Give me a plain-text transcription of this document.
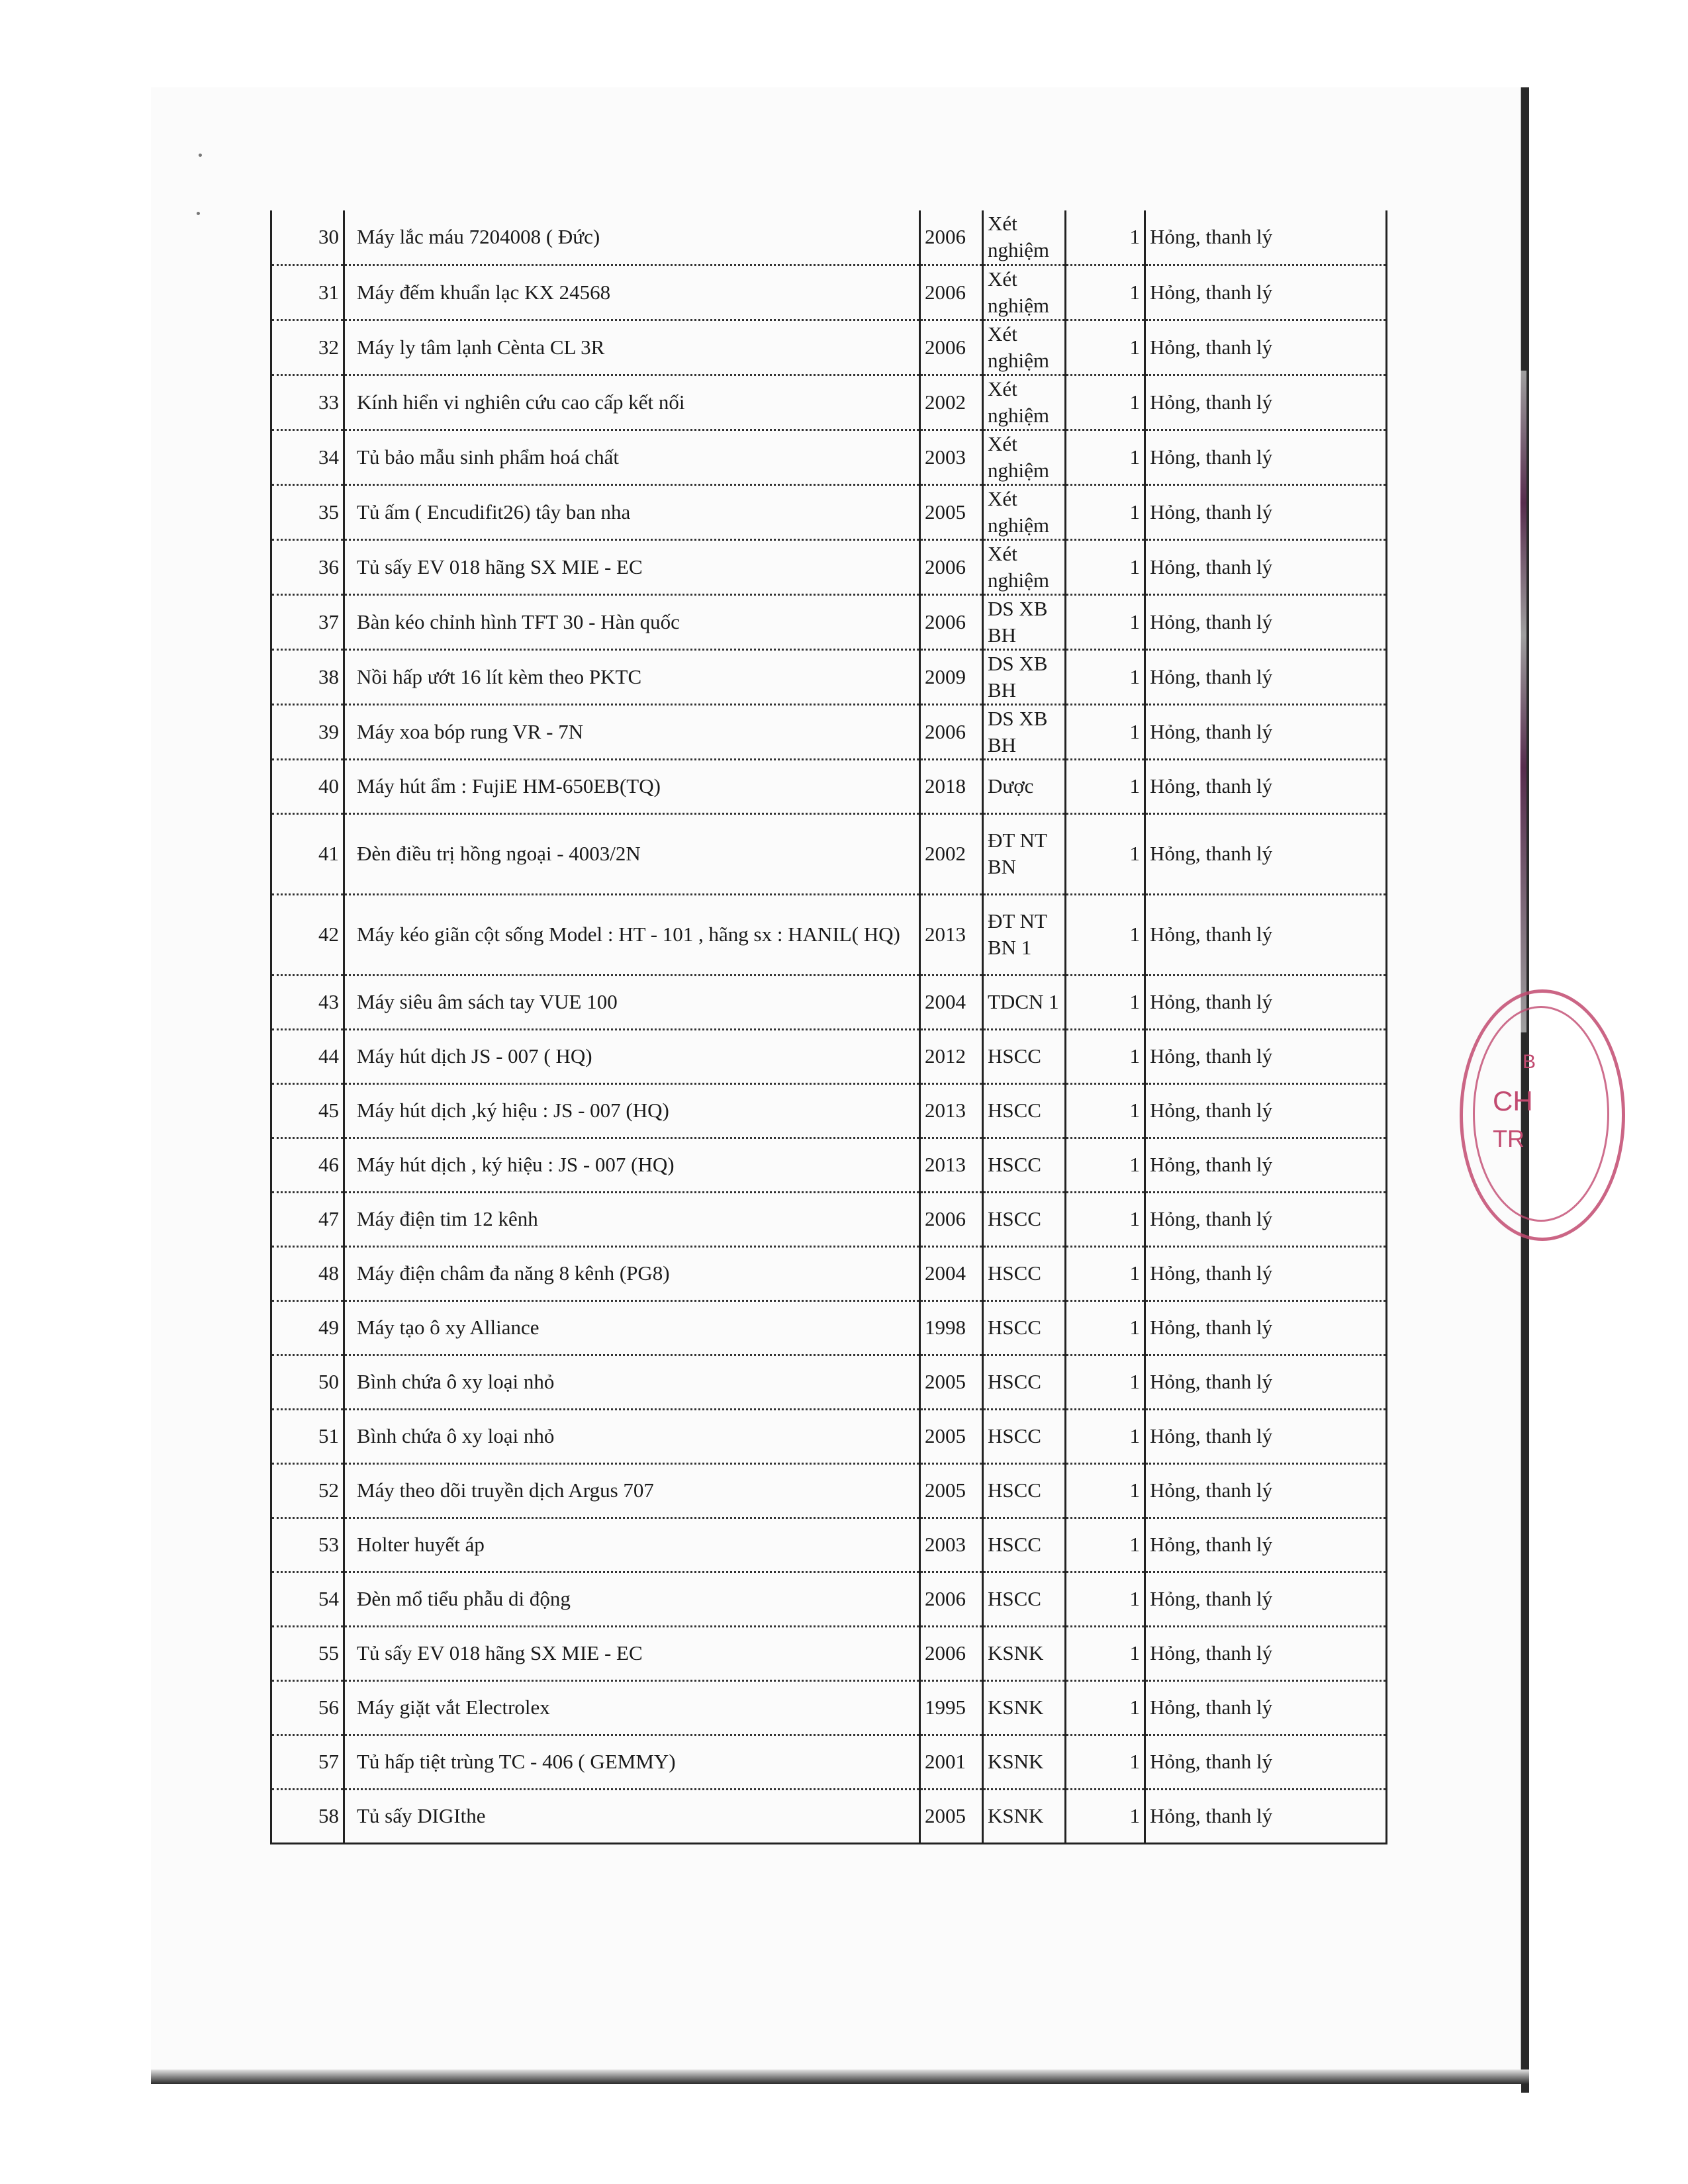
30	Máy lắc máu 7204008 ( Đức)	2006	Xét nghiệm	1	Hỏng, thanh lý
31	Máy đếm khuẩn lạc KX 24568	2006	Xét nghiệm	1	Hỏng, thanh lý
32	Máy ly tâm lạnh Cènta CL 3R	2006	Xét nghiệm	1	Hỏng, thanh lý
33	Kính hiển vi nghiên cứu cao cấp kết nối	2002	Xét nghiệm	1	Hỏng, thanh lý
34	Tủ bảo mẫu sinh phẩm hoá chất	2003	Xét nghiệm	1	Hỏng, thanh lý
35	Tủ ấm ( Encudifit26) tây ban nha	2005	Xét nghiệm	1	Hỏng, thanh lý
36	Tủ sấy EV 018 hãng SX MIE - EC	2006	Xét nghiệm	1	Hỏng, thanh lý
37	Bàn kéo chỉnh hình TFT 30 - Hàn quốc	2006	DS XB BH	1	Hỏng, thanh lý
38	Nồi hấp ướt 16 lít kèm theo PKTC	2009	DS XB BH	1	Hỏng, thanh lý
39	Máy xoa bóp rung VR - 7N	2006	DS XB BH	1	Hỏng, thanh lý
40	Máy hút ẩm : FujiE HM-650EB(TQ)	2018	Dược	1	Hỏng, thanh lý
41	Đèn điều trị hồng ngoại - 4003/2N	2002	ĐT NT BN	1	Hỏng, thanh lý
42	Máy kéo giãn cột sống Model : HT - 101 , hãng sx : HANIL( HQ)	2013	ĐT NT BN 1	1	Hỏng, thanh lý
43	Máy siêu âm sách tay VUE 100	2004	TDCN 1	1	Hỏng, thanh lý
44	Máy hút dịch JS - 007 ( HQ)	2012	HSCC	1	Hỏng, thanh lý
45	Máy hút dịch ,ký hiệu : JS - 007 (HQ)	2013	HSCC	1	Hỏng, thanh lý
46	Máy hút dịch , ký hiệu : JS - 007 (HQ)	2013	HSCC	1	Hỏng, thanh lý
47	Máy điện tim 12 kênh	2006	HSCC	1	Hỏng, thanh lý
48	Máy điện châm đa năng 8 kênh (PG8)	2004	HSCC	1	Hỏng, thanh lý
49	Máy tạo ô xy Alliance	1998	HSCC	1	Hỏng, thanh lý
50	Bình chứa ô xy loại nhỏ	2005	HSCC	1	Hỏng, thanh lý
51	Bình chứa ô xy loại nhỏ	2005	HSCC	1	Hỏng, thanh lý
52	Máy theo dõi truyền dịch Argus 707	2005	HSCC	1	Hỏng, thanh lý
53	Holter huyết áp	2003	HSCC	1	Hỏng, thanh lý
54	Đèn mổ tiểu phẫu di động	2006	HSCC	1	Hỏng, thanh lý
55	Tủ sấy EV 018 hãng SX MIE - EC	2006	KSNK	1	Hỏng, thanh lý
56	Máy giặt vắt Electrolex	1995	KSNK	1	Hỏng, thanh lý
57	Tủ hấp tiệt trùng TC - 406 ( GEMMY)	2001	KSNK	1	Hỏng, thanh lý
58	Tủ sấy DIGIthe	2005	KSNK	1	Hỏng, thanh lý
B
CH
TR
